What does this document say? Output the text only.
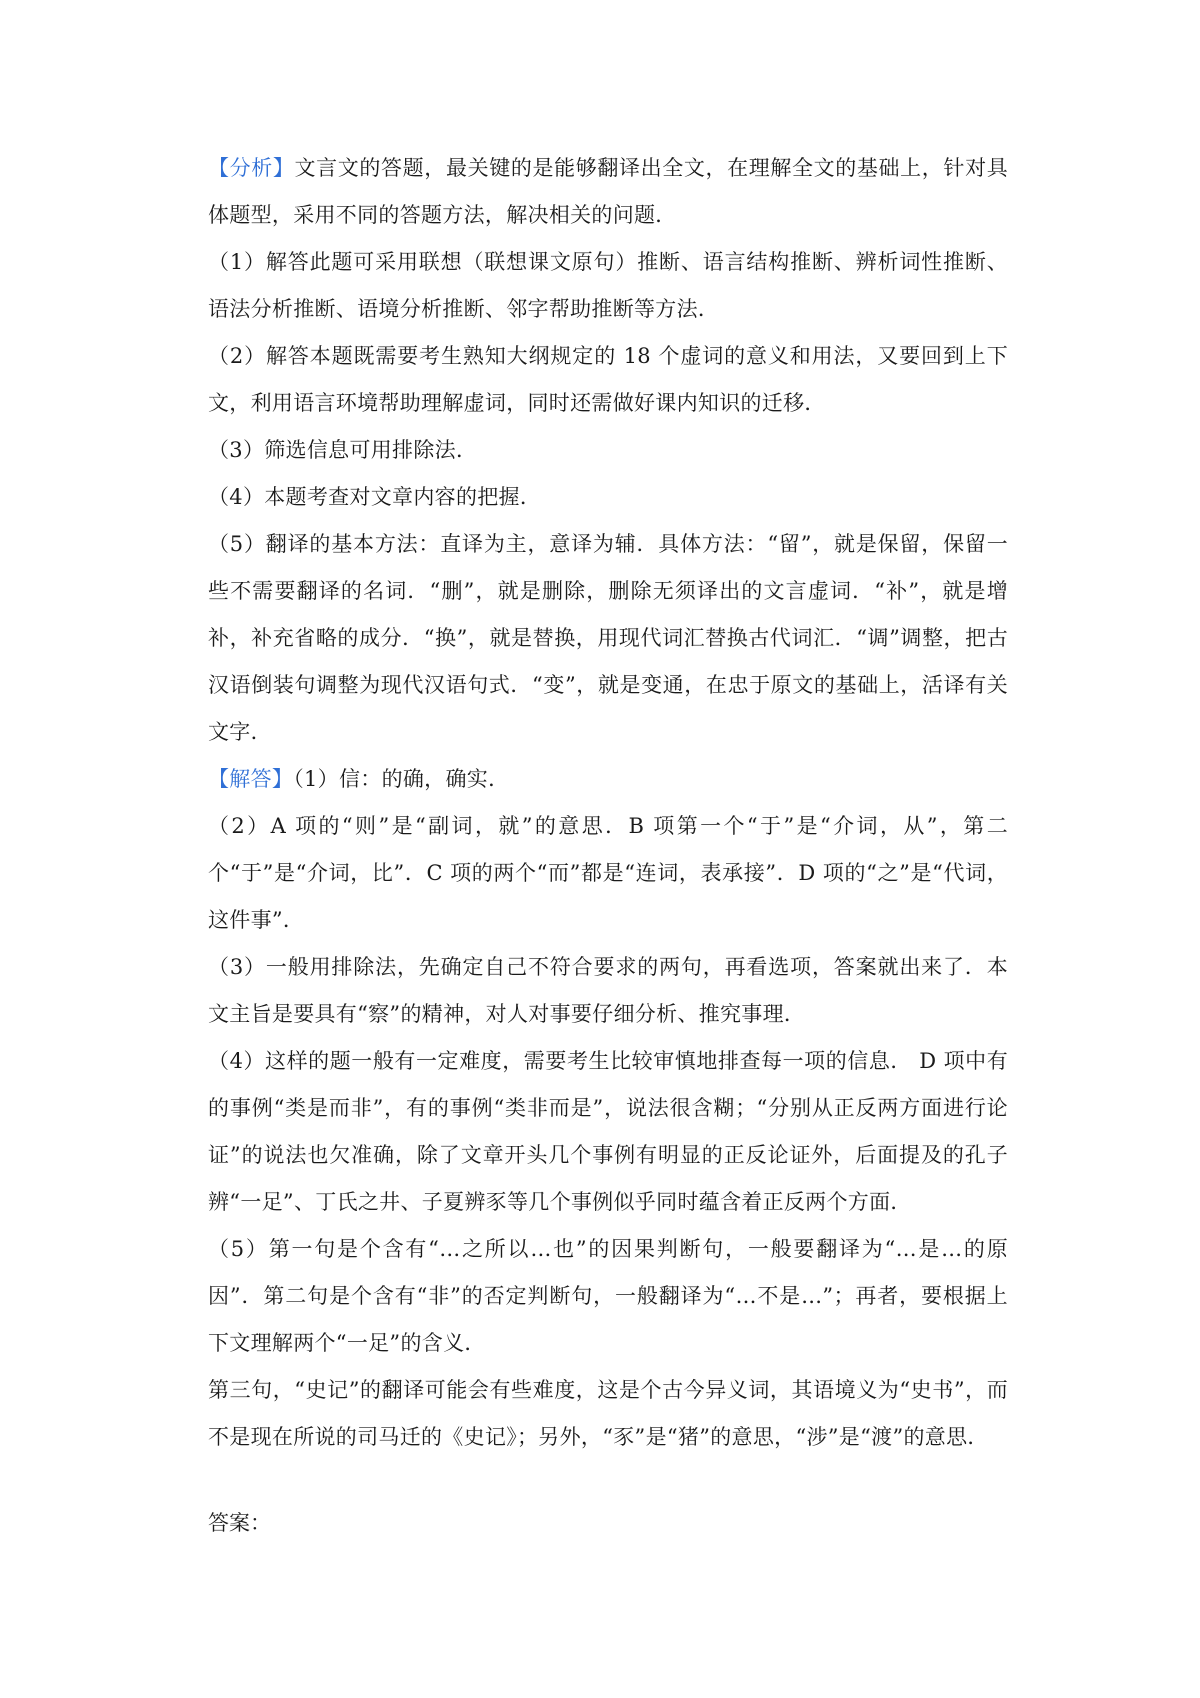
【分析】文言文的答题，最关键的是能够翻译出全文，在理解全文的基础上，针对具体题型，采用不同的答题方法，解决相关的问题．

（1）解答此题可采用联想（联想课文原句）推断、语言结构推断、辨析词性推断、语法分析推断、语境分析推断、邻字帮助推断等方法．

（2）解答本题既需要考生熟知大纲规定的 18 个虚词的意义和用法，又要回到上下文，利用语言环境帮助理解虚词，同时还需做好课内知识的迁移．

（3）筛选信息可用排除法．

（4）本题考查对文章内容的把握．

（5）翻译的基本方法：直译为主，意译为辅．具体方法：“留”，就是保留，保留一些不需要翻译的名词．“删”，就是删除，删除无须译出的文言虚词．“补”，就是增补，补充省略的成分．“换”，就是替换，用现代词汇替换古代词汇．“调”调整，把古汉语倒装句调整为现代汉语句式．“变”，就是变通，在忠于原文的基础上，活译有关文字．

【解答】（1）信：的确，确实．

（2）A 项的“则”是“副词，就”的意思．B 项第一个“于”是“介词，从”，第二个“于”是“介词，比”．C 项的两个“而”都是“连词，表承接”．D 项的“之”是“代词，这件事”．

（3）一般用排除法，先确定自己不符合要求的两句，再看选项，答案就出来了．本文主旨是要具有“察”的精神，对人对事要仔细分析、推究事理．

（4）这样的题一般有一定难度，需要考生比较审慎地排查每一项的信息． D 项中有的事例“类是而非”，有的事例“类非而是”，说法很含糊；“分别从正反两方面进行论证”的说法也欠准确，除了文章开头几个事例有明显的正反论证外，后面提及的孔子辨“一足”、丁氏之井、子夏辨豕等几个事例似乎同时蕴含着正反两个方面．

（5）第一句是个含有“…之所以…也”的因果判断句，一般要翻译为“…是…的原因”．第二句是个含有“非”的否定判断句，一般翻译为“…不是…”；再者，要根据上下文理解两个“一足”的含义．

第三句，“史记”的翻译可能会有些难度，这是个古今异义词，其语境义为“史书”，而不是现在所说的司马迁的《史记》；另外，“豕”是“猪”的意思，“涉”是“渡”的意思．

答案：
